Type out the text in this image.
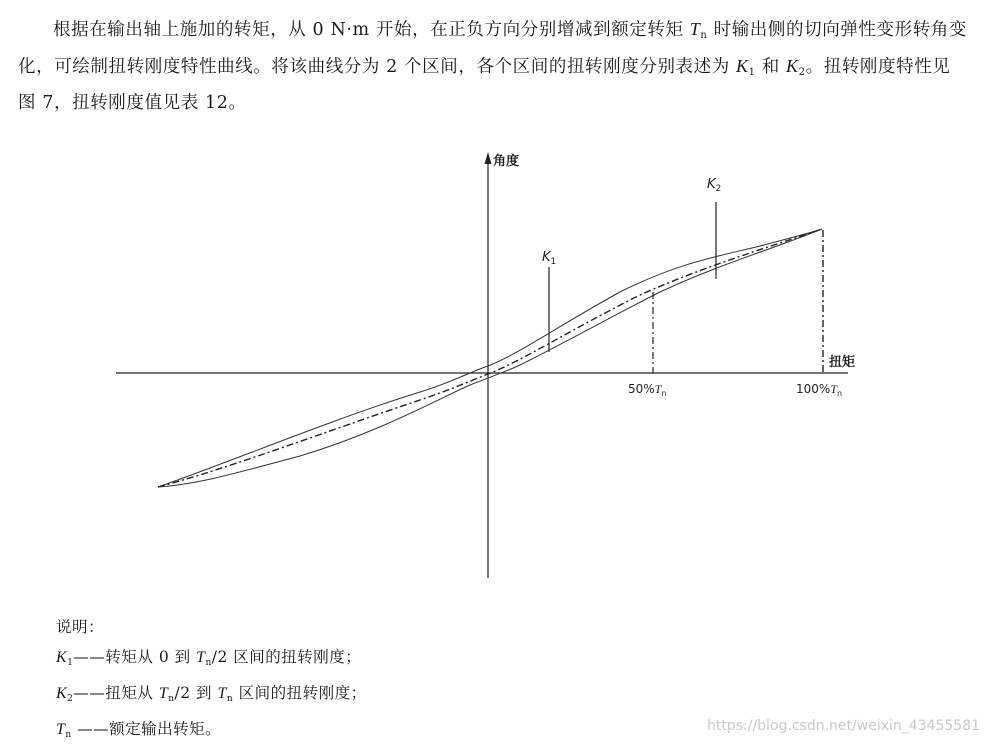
根据在输出轴上施加的转矩，从 0 N·m 开始，在正负方向分别增减到额定转矩 $T_n$ 时输出侧的切向弹性变形转角变化，可绘制扭转刚度特性曲线。将该曲线分为 2 个区间，各个区间的扭转刚度分别表述为 $K_1$ 和 $K_2$。扭转刚度特性见图 7，扭转刚度值见表 12。

角度
扭矩
$K_1$
$K_2$
$50\%T_n$	$100\%T_n$
说明：
$K_1——$转矩从 0 到 $T_n/2$ 区间的扭转刚度；
$K_2——$扭矩从 $T_n/2$ 到 $T_n$ 区间的扭转刚度；
$T_n$ ——额定输出转矩。	https://blog.csdn.net/weixin_43455581
